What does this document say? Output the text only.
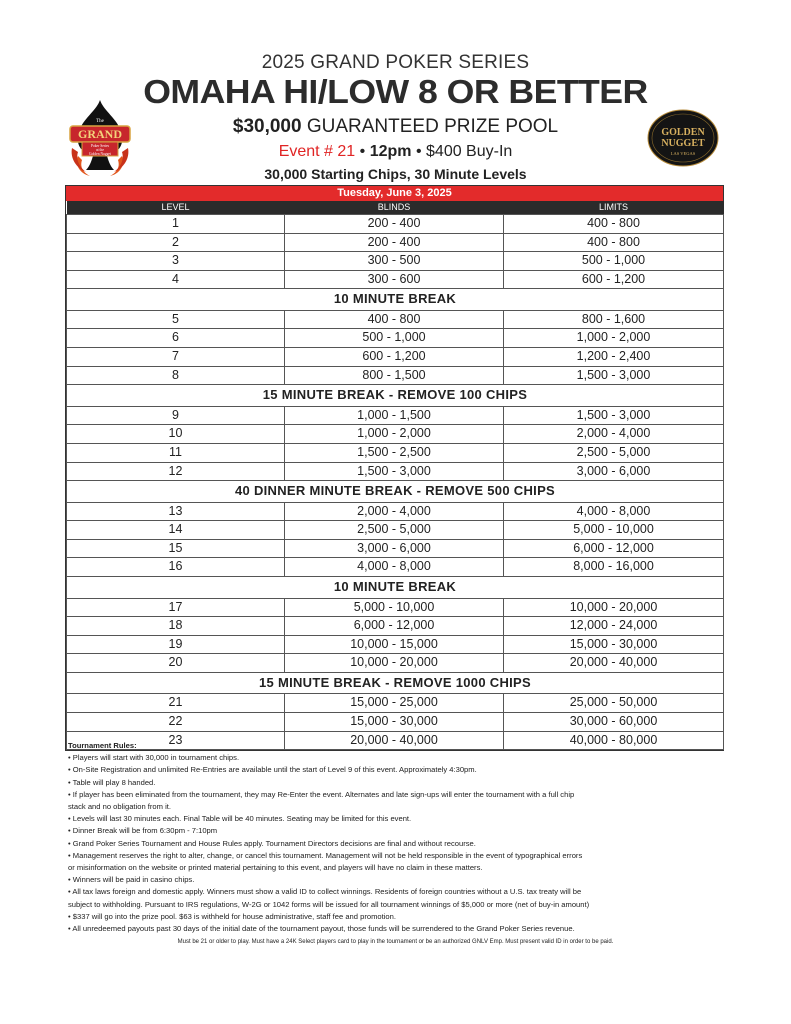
2025 GRAND POKER SERIES
OMAHA HI/LOW 8 OR BETTER
$30,000 GUARANTEED PRIZE POOL
Event # 21 • 12pm • $400 Buy-In
30,000 Starting Chips, 30 Minute Levels
The
GRAND
Poker Series
at the
Golden Nugget
GOLDEN
NUGGET
LAS VEGAS
Tuesday, June 3, 2025
LEVEL	BLINDS	LIMITS
1	200 - 400	400 - 800
2	200 - 400	400 - 800
3	300 - 500	500 - 1,000
4	300 - 600	600 - 1,200
10 MINUTE BREAK		
5	400 - 800	800 - 1,600
6	500 - 1,000	1,000 - 2,000
7	600 - 1,200	1,200 - 2,400
8	800 - 1,500	1,500 - 3,000
15 MINUTE BREAK - REMOVE 100 CHIPS		
9	1,000 - 1,500	1,500 - 3,000
10	1,000 - 2,000	2,000 - 4,000
11	1,500 - 2,500	2,500 - 5,000
12	1,500 - 3,000	3,000 - 6,000
40 DINNER MINUTE BREAK - REMOVE 500 CHIPS		
13	2,000 - 4,000	4,000 - 8,000
14	2,500 - 5,000	5,000 - 10,000
15	3,000 - 6,000	6,000 - 12,000
16	4,000 - 8,000	8,000 - 16,000
10 MINUTE BREAK		
17	5,000 - 10,000	10,000 - 20,000
18	6,000 - 12,000	12,000 - 24,000
19	10,000 - 15,000	15,000 - 30,000
20	10,000 - 20,000	20,000 - 40,000
15 MINUTE BREAK - REMOVE 1000 CHIPS		
21	15,000 - 25,000	25,000 - 50,000
22	15,000 - 30,000	30,000 - 60,000
23	20,000 - 40,000	40,000 - 80,000
Tournament Rules:
• Players will start with 30,000 in tournament chips.
• On-Site Registration and unlimited Re-Entries are available until the start of Level 9 of this event. Approximately 4:30pm.
• Table will play 8 handed.
• If player has been eliminated from the tournament, they may Re-Enter the event. Alternates and late sign-ups will enter the tournament with a full chip
stack and no obligation from it.
• Levels will last 30 minutes each. Final Table will be 40 minutes. Seating may be limited for this event.
• Dinner Break will be from 6:30pm - 7:10pm
• Grand Poker Series Tournament and House Rules apply. Tournament Directors decisions are final and without recourse.
• Management reserves the right to alter, change, or cancel this tournament. Management will not be held responsible in the event of typographical errors
or misinformation on the website or printed material pertaining to this event, and players will have no claim in these matters.
• Winners will be paid in casino chips.
• All tax laws foreign and domestic apply. Winners must show a valid ID to collect winnings. Residents of foreign countries without a U.S. tax treaty will be
subject to withholding. Pursuant to IRS regulations, W-2G or 1042 forms will be issued for all tournament winnings of $5,000 or more (net of buy-in amount)
• $337 will go into the prize pool. $63 is withheld for house administrative, staff fee and promotion.
• All unredeemed payouts past 30 days of the initial date of the tournament payout, those funds will be surrendered to the Grand Poker Series revenue.
Must be 21 or older to play. Must have a 24K Select players card to play in the tournament or be an authorized GNLV Emp. Must present valid ID in order to be paid.
